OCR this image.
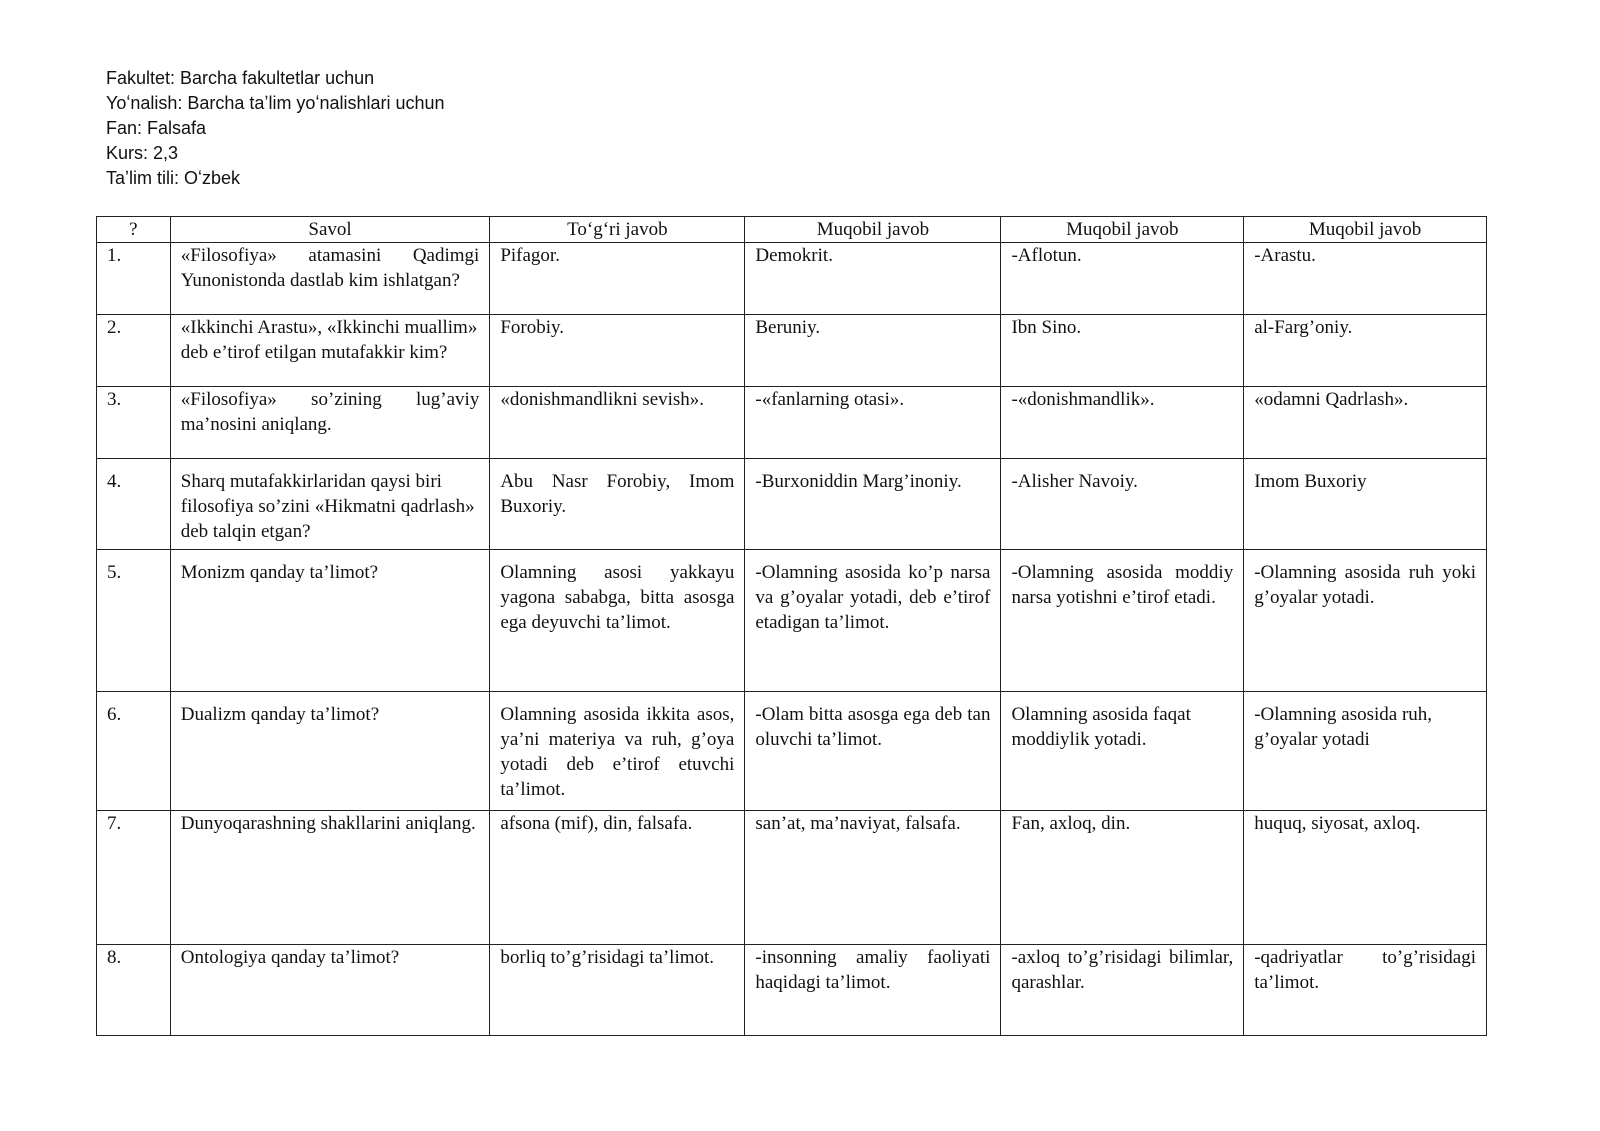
Fakultet: Barcha fakultetlar uchun
Yoʻnalish: Barcha taʼlim yoʻnalishlari uchun
Fan: Falsafa
Kurs: 2,3
Taʼlim tili: Oʻzbek
?	Savol	To‘g‘ri javob	Muqobil javob	Muqobil javob	Muqobil javob
1.	«Filosofiya» atamasini Qadimgi Yunonistonda dastlab kim ishlatgan?	Pifagor.	Demokrit.	-Aflotun.	-Arastu.
2.	«Ikkinchi Arastu», «Ikkinchi muallim» deb e’tirof etilgan mutafakkir kim?	Forobiy.	Beruniy.	Ibn Sino.	al-Farg’oniy.
3.	«Filosofiya» so’zining lug’aviy ma’nosini aniqlang.	«donishmandlikni sevish».	-«fanlarning otasi».	-«donishmandlik».	«odamni Qadrlash».
4.	Sharq mutafakkirlaridan qaysi biri filosofiya so’zini «Hikmatni qadrlash» deb talqin etgan?	Abu Nasr Forobiy, Imom Buxoriy.	-Burxoniddin Marg’inoniy.	-Alisher Navoiy.	Imom Buxoriy
5.	Monizm qanday ta’limot?	Olamning asosi yakkayu yagona sababga, bitta asosga ega deyuvchi ta’limot.	-Olamning asosida ko’p narsa va g’oyalar yotadi, deb e’tirof etadigan ta’limot.	-Olamning asosida moddiy narsa yotishni e’tirof etadi.	-Olamning asosida ruh yoki g’oyalar yotadi.
6.	Dualizm qanday ta’limot?	Olamning asosida ikkita asos, ya’ni materiya va ruh, g’oya yotadi deb e’tirof etuvchi ta’limot.	-Olam bitta asosga ega deb tan oluvchi ta’limot.	Olamning asosida faqat moddiylik yotadi.	-Olamning asosida ruh, g’oyalar yotadi
7.	Dunyoqarashning shakllarini aniqlang.	afsona (mif), din, falsafa.	san’at, ma’naviyat, falsafa.	Fan, axloq, din.	huquq, siyosat, axloq.
8.	Ontologiya qanday ta’limot?	borliq to’g’risidagi ta’limot.	-insonning amaliy faoliyati haqidagi ta’limot.	-axloq to’g’risidagi bilimlar, qarashlar.	-qadriyatlar to’g’risidagi ta’limot.
